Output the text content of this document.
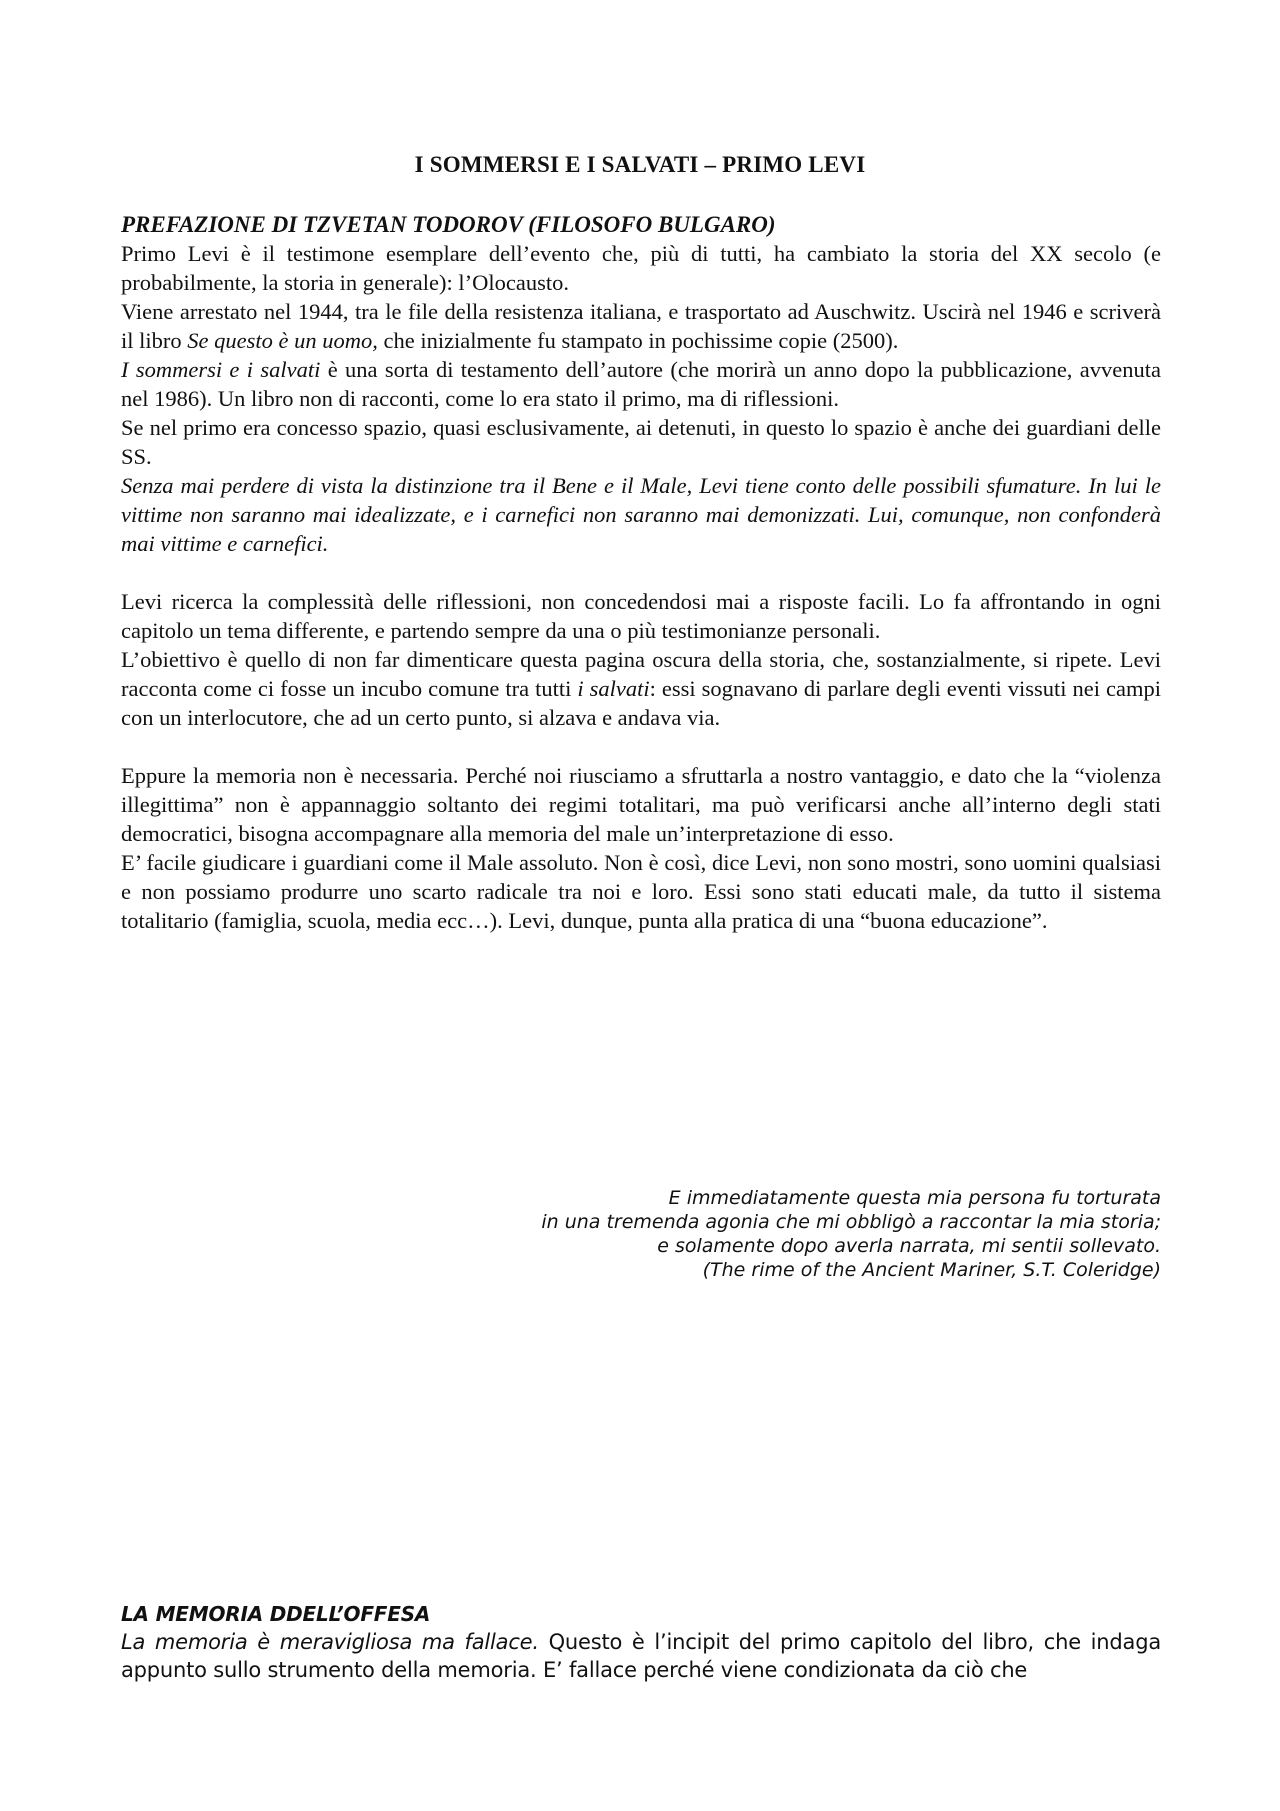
I SOMMERSI E I SALVATI – PRIMO LEVI

PREFAZIONE DI TZVETAN TODOROV (FILOSOFO BULGARO)

Primo Levi è il testimone esemplare dell’evento che, più di tutti, ha cambiato la storia del XX secolo (e probabilmente, la storia in generale): l’Olocausto.

Viene arrestato nel 1944, tra le file della resistenza italiana, e trasportato ad Auschwitz. Uscirà nel 1946 e scriverà il libro Se questo è un uomo, che inizialmente fu stampato in pochissime copie (2500).

I sommersi e i salvati è una sorta di testamento dell’autore (che morirà un anno dopo la pubblicazione, avvenuta nel 1986). Un libro non di racconti, come lo era stato il primo, ma di riflessioni.

Se nel primo era concesso spazio, quasi esclusivamente, ai detenuti, in questo lo spazio è anche dei guardiani delle SS.

Senza mai perdere di vista la distinzione tra il Bene e il Male, Levi tiene conto delle possibili sfumature. In lui le vittime non saranno mai idealizzate, e i carnefici non saranno mai demonizzati. Lui, comunque, non confonderà mai vittime e carnefici.

Levi ricerca la complessità delle riflessioni, non concedendosi mai a risposte facili. Lo fa affrontando in ogni capitolo un tema differente, e partendo sempre da una o più testimonianze personali.

L’obiettivo è quello di non far dimenticare questa pagina oscura della storia, che, sostanzialmente, si ripete. Levi racconta come ci fosse un incubo comune tra tutti i salvati: essi sognavano di parlare degli eventi vissuti nei campi con un interlocutore, che ad un certo punto, si alzava e andava via.

Eppure la memoria non è necessaria. Perché noi riusciamo a sfruttarla a nostro vantaggio, e dato che la “violenza illegittima” non è appannaggio soltanto dei regimi totalitari, ma può verificarsi anche all’interno degli stati democratici, bisogna accompagnare alla memoria del male un’interpretazione di esso.

E’ facile giudicare i guardiani come il Male assoluto. Non è così, dice Levi, non sono mostri, sono uomini qualsiasi e non possiamo produrre uno scarto radicale tra noi e loro. Essi sono stati educati male, da tutto il sistema totalitario (famiglia, scuola, media ecc…). Levi, dunque, punta alla pratica di una “buona educazione”.

E immediatamente questa mia persona fu torturata
in una tremenda agonia che mi obbligò a raccontar la mia storia;
e solamente dopo averla narrata, mi sentii sollevato.
(The rime of the Ancient Mariner, S.T. Coleridge)

LA MEMORIA DDELL’OFFESA

La memoria è meravigliosa ma fallace. Questo è l’incipit del primo capitolo del libro, che indaga appunto sullo strumento della memoria. E’ fallace perché viene condizionata da ciò che
